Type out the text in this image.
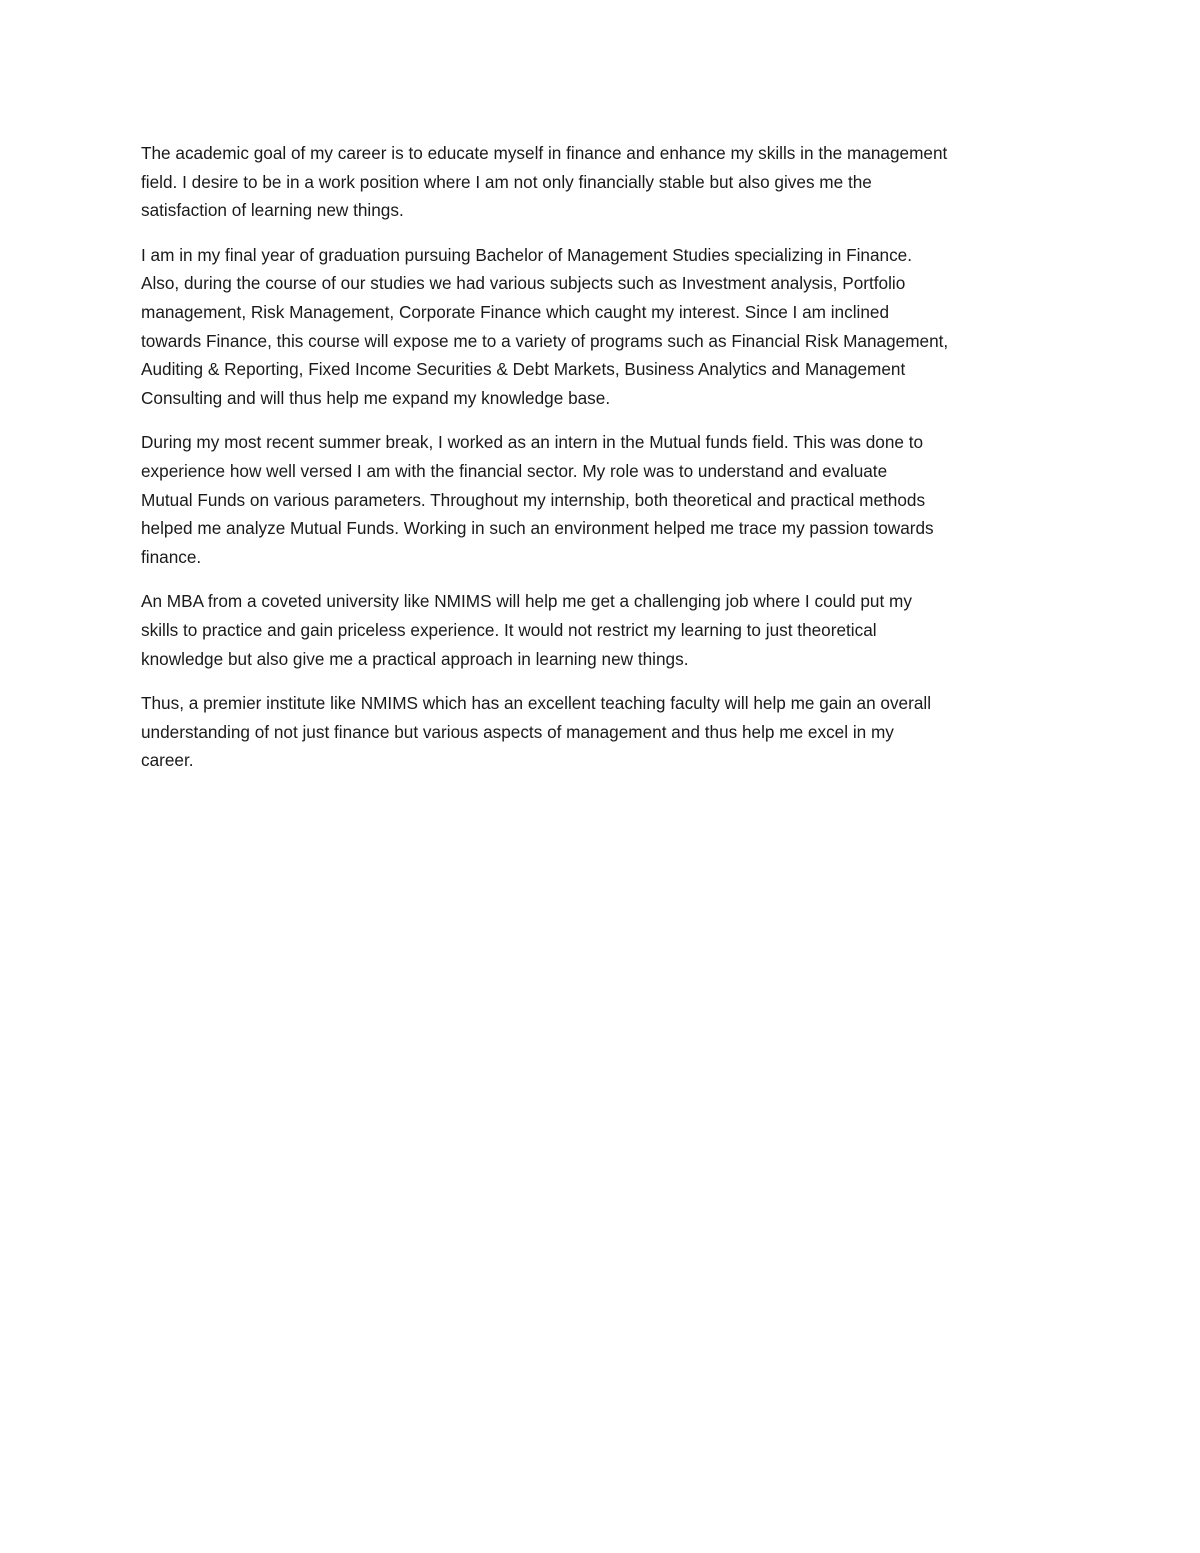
The academic goal of my career is to educate myself in finance and enhance my skills in the management
field. I desire to be in a work position where I am not only financially stable but also gives me the
satisfaction of learning new things.

I am in my final year of graduation pursuing Bachelor of Management Studies specializing in Finance.
Also, during the course of our studies we had various subjects such as Investment analysis, Portfolio
management, Risk Management, Corporate Finance which caught my interest. Since I am inclined
towards Finance, this course will expose me to a variety of programs such as Financial Risk Management,
Auditing & Reporting, Fixed Income Securities & Debt Markets, Business Analytics and Management
Consulting and will thus help me expand my knowledge base.

During my most recent summer break, I worked as an intern in the Mutual funds field. This was done to
experience how well versed I am with the financial sector. My role was to understand and evaluate
Mutual Funds on various parameters. Throughout my internship, both theoretical and practical methods
helped me analyze Mutual Funds. Working in such an environment helped me trace my passion towards
finance.

An MBA from a coveted university like NMIMS will help me get a challenging job where I could put my
skills to practice and gain priceless experience. It would not restrict my learning to just theoretical
knowledge but also give me a practical approach in learning new things.

Thus, a premier institute like NMIMS which has an excellent teaching faculty will help me gain an overall
understanding of not just finance but various aspects of management and thus help me excel in my
career.
